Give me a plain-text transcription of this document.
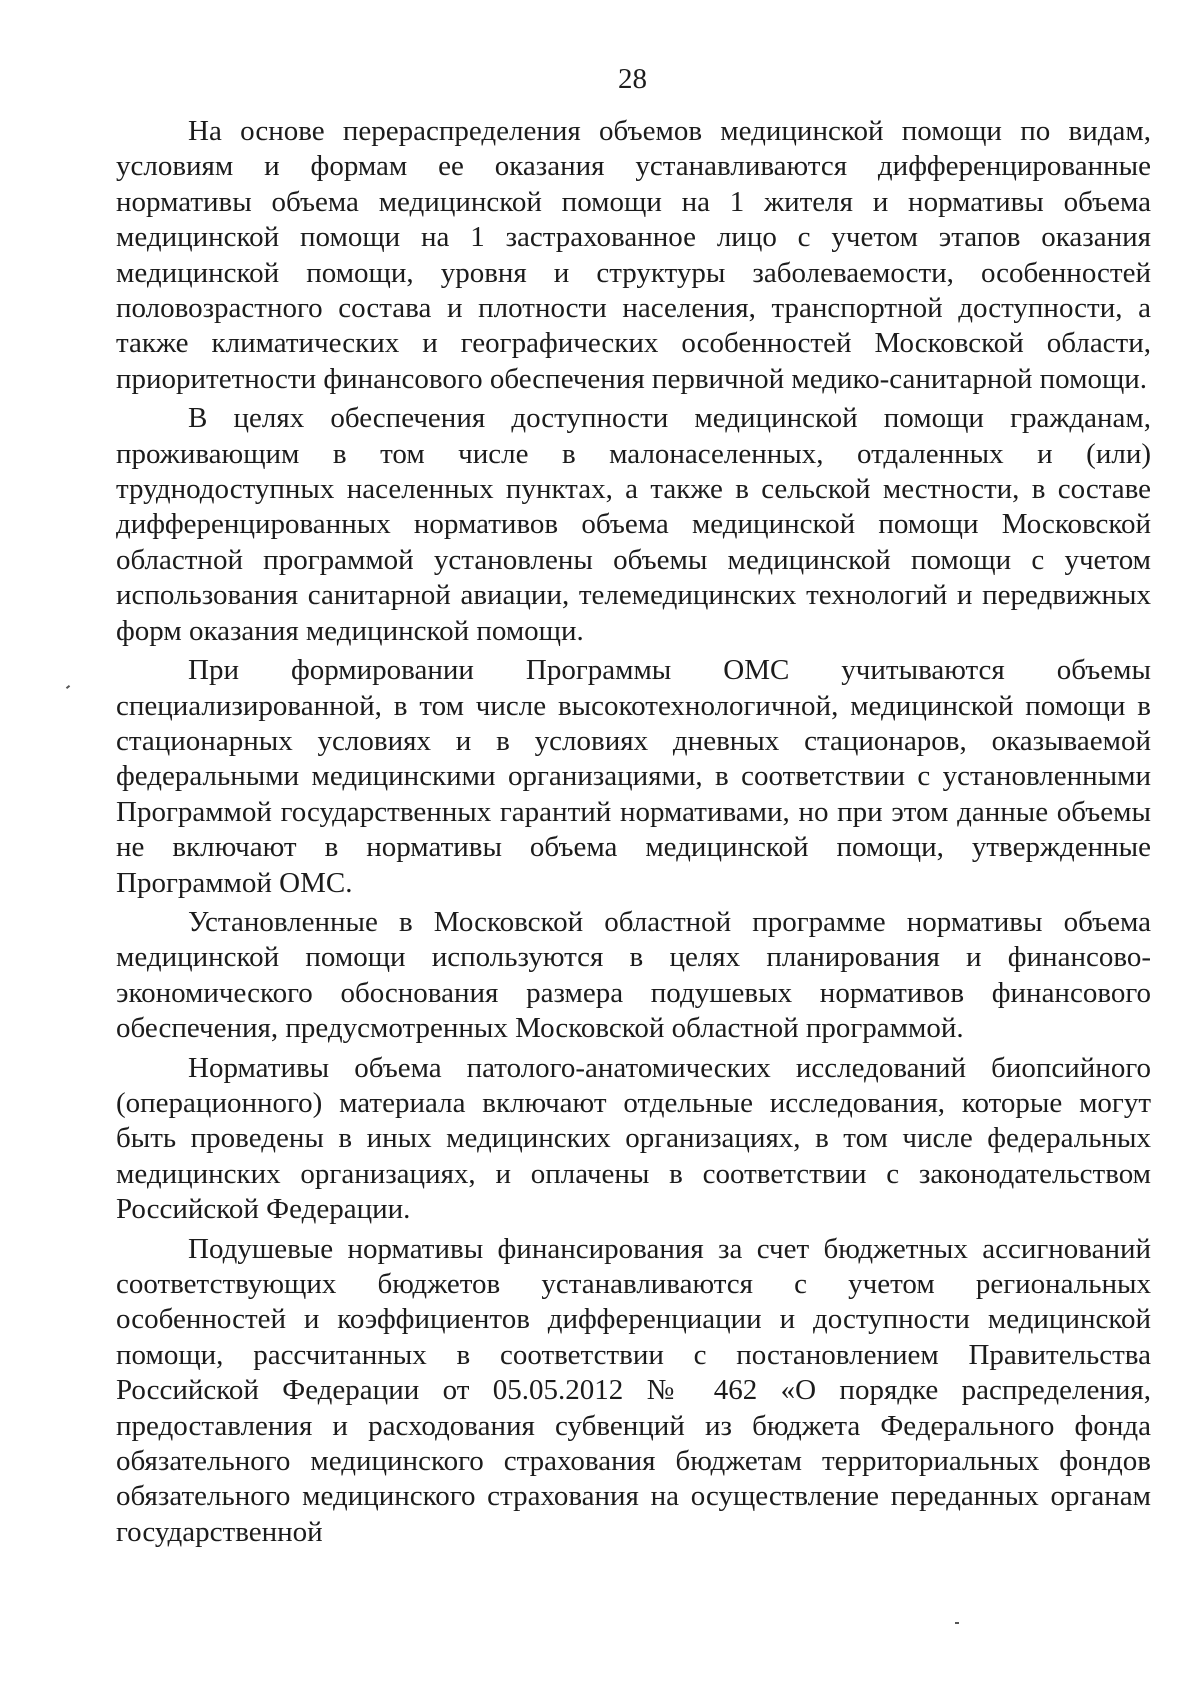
28

На основе перераспределения объемов медицинской помощи по видам, условиям и формам ее оказания устанавливаются дифференцированные нормативы объема медицинской помощи на 1 жителя и нормативы объема медицинской помощи на 1 застрахованное лицо с учетом этапов оказания медицинской помощи, уровня и структуры заболеваемости, особенностей половозрастного состава и плотности населения, транспортной доступности, а также климатических и географических особенностей Московской области, приоритетности финансового обеспечения первичной медико-санитарной помощи.

В целях обеспечения доступности медицинской помощи гражданам, проживающим в том числе в малонаселенных, отдаленных и (или) труднодоступных населенных пунктах, а также в сельской местности, в составе дифференцированных нормативов объема медицинской помощи Московской областной программой установлены объемы медицинской помощи с учетом использования санитарной авиации, телемедицинских технологий и передвижных форм оказания медицинской помощи.

При формировании Программы ОМС учитываются объемы специализированной, в том числе высокотехнологичной, медицинской помощи в стационарных условиях и в условиях дневных стационаров, оказываемой федеральными медицинскими организациями, в соответствии с установленными Программой государственных гарантий нормативами, но при этом данные объемы не включают в нормативы объема медицинской помощи, утвержденные Программой ОМС.

Установленные в Московской областной программе нормативы объема медицинской помощи используются в целях планирования и финансово-экономического обоснования размера подушевых нормативов финансового обеспечения, предусмотренных Московской областной программой.

Нормативы объема патолого-анатомических исследований биопсийного (операционного) материала включают отдельные исследования, которые могут быть проведены в иных медицинских организациях, в том числе федеральных медицинских организациях, и оплачены в соответствии с законодательством Российской Федерации.

Подушевые нормативы финансирования за счет бюджетных ассигнований соответствующих бюджетов устанавливаются с учетом региональных особенностей и коэффициентов дифференциации и доступности медицинской помощи, рассчитанных в соответствии с постановлением Правительства Российской Федерации от 05.05.2012 № 462 «О порядке распределения, предоставления и расходования субвенций из бюджета Федерального фонда обязательного медицинского страхования бюджетам территориальных фондов обязательного медицинского страхования на осуществление переданных органам государственной
